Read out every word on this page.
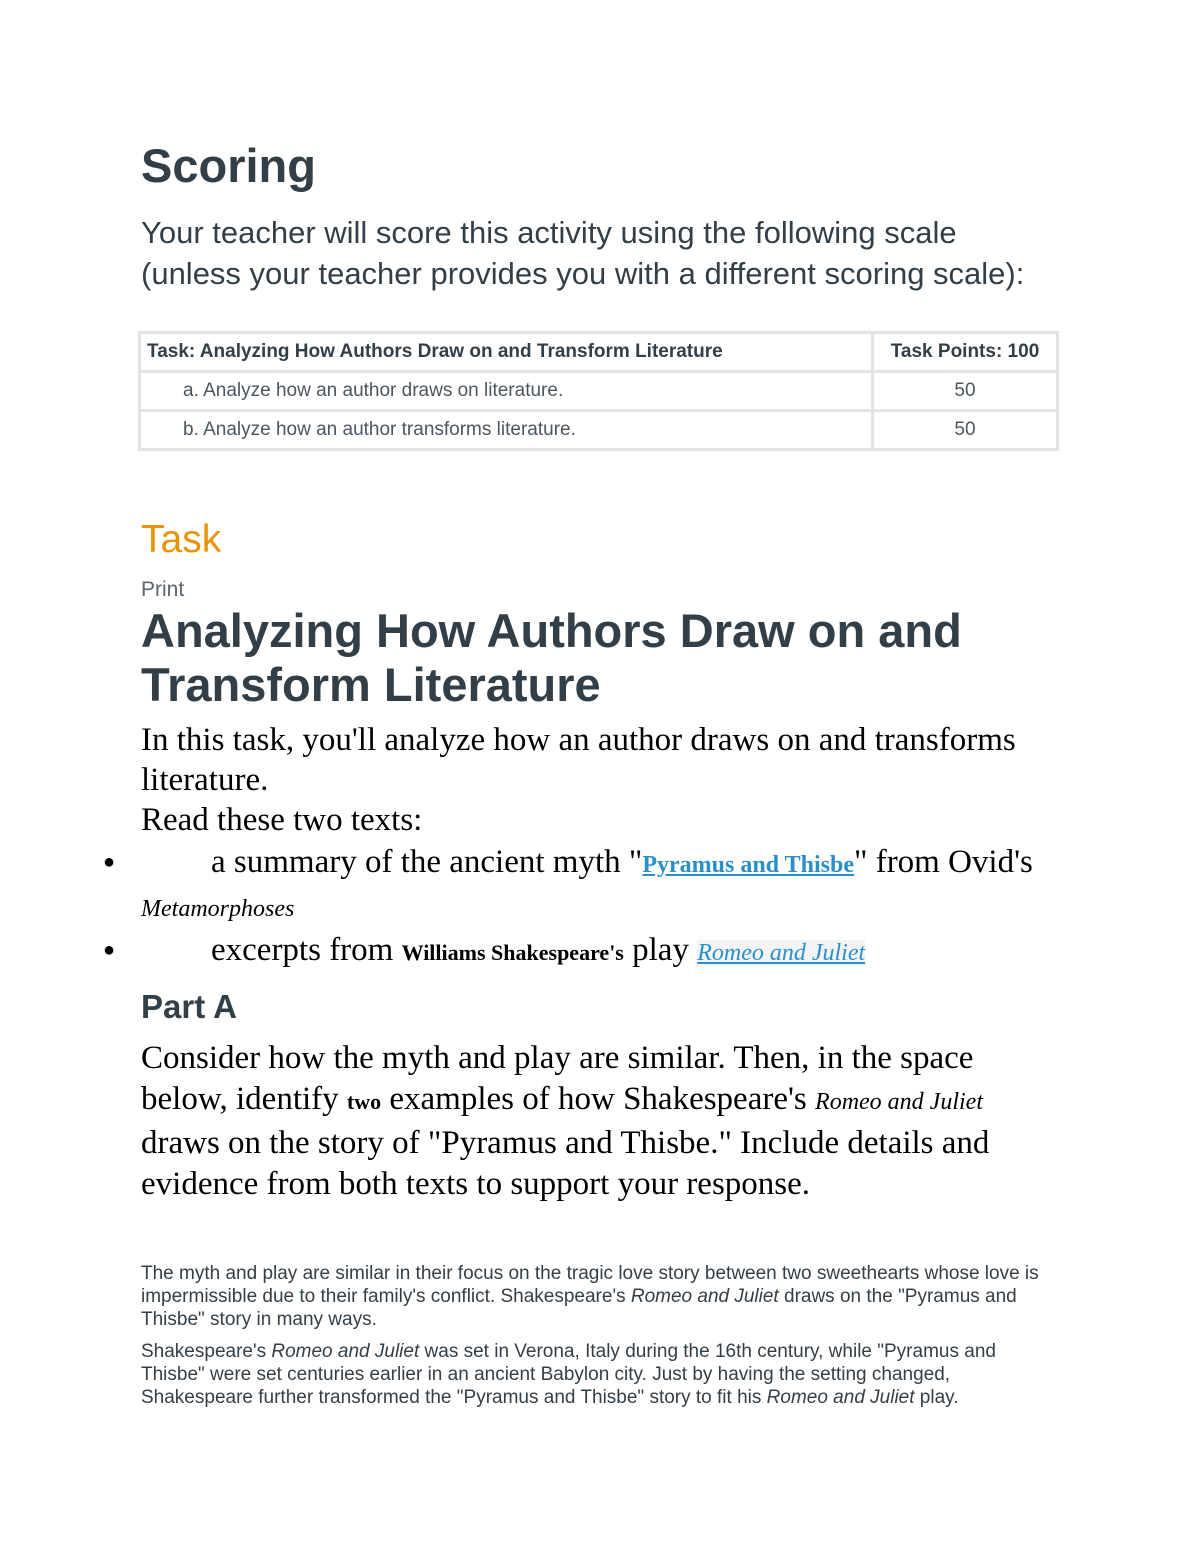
Scoring

Your teacher will score this activity using the following scale (unless your teacher provides you with a different scoring scale):

Task: Analyzing How Authors Draw on and Transform Literature	Task Points: 100
a. Analyze how an author draws on literature.	50
b. Analyze how an author transforms literature.	50
Task
Print
Analyzing How Authors Draw on and Transform Literature
In this task, you'll analyze how an author draws on and transforms literature.
Read these two texts:
●	a summary of the ancient myth "Pyramus and Thisbe" from Ovid's Metamorphoses
●	excerpts from Williams Shakespeare's play Romeo and Juliet
Part A

Consider how the myth and play are similar. Then, in the space below, identify two examples of how Shakespeare's Romeo and Juliet draws on the story of "Pyramus and Thisbe." Include details and evidence from both texts to support your response.

The myth and play are similar in their focus on the tragic love story between two sweethearts whose love is impermissible due to their family's conflict. Shakespeare's Romeo and Juliet draws on the "Pyramus and Thisbe" story in many ways.

Shakespeare's Romeo and Juliet was set in Verona, Italy during the 16th century, while "Pyramus and Thisbe" were set centuries earlier in an ancient Babylon city. Just by having the setting changed, Shakespeare further transformed the "Pyramus and Thisbe" story to fit his Romeo and Juliet play.
